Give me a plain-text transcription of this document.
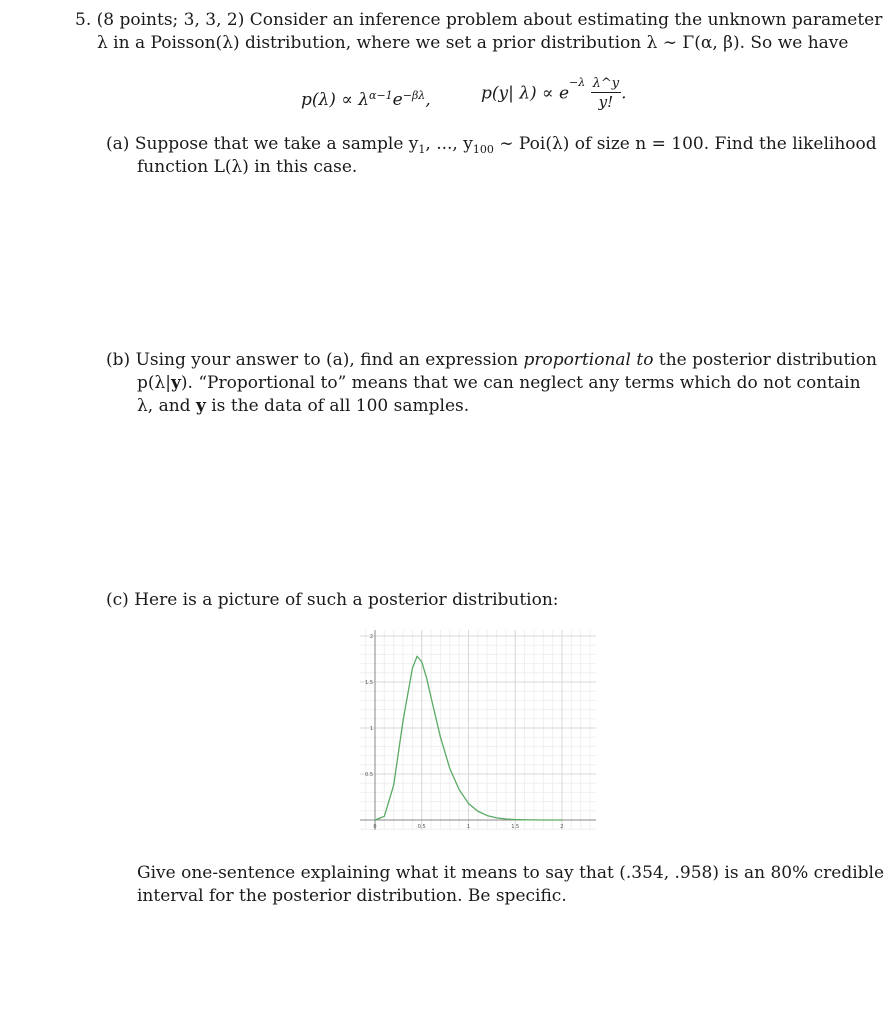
5. (8 points; 3, 3, 2) Consider an inference problem about estimating the unknown parameter
λ in a Poisson(λ) distribution, where we set a prior distribution λ ∼ Γ(α, β). So we have
$p(\lambda) \propto \lambda^{\alpha-1}e^{-\beta\lambda}$,	p(y| $\lambda) \propto e^{-\lambda} \frac{\lambda\^{}y}{y!}$ .
(a) Suppose that we take a sample $y_1$, ..., $y_{100}$ ∼ Poi(λ) of size n = 100. Find the likelihood
function L(λ) in this case.
(b) Using your answer to (a), find an expression proportional to the posterior distribution
p(λ|y). “Proportional to” means that we can neglect any terms which do not contain
λ, and y is the data of all 100 samples.
(c) Here is a picture of such a posterior distribution:
0	0.5	1	1.5	2
0.5
1
1.5
2
Give one-sentence explaining what it means to say that (.354, .958) is an 80% credible
interval for the posterior distribution. Be specific.
